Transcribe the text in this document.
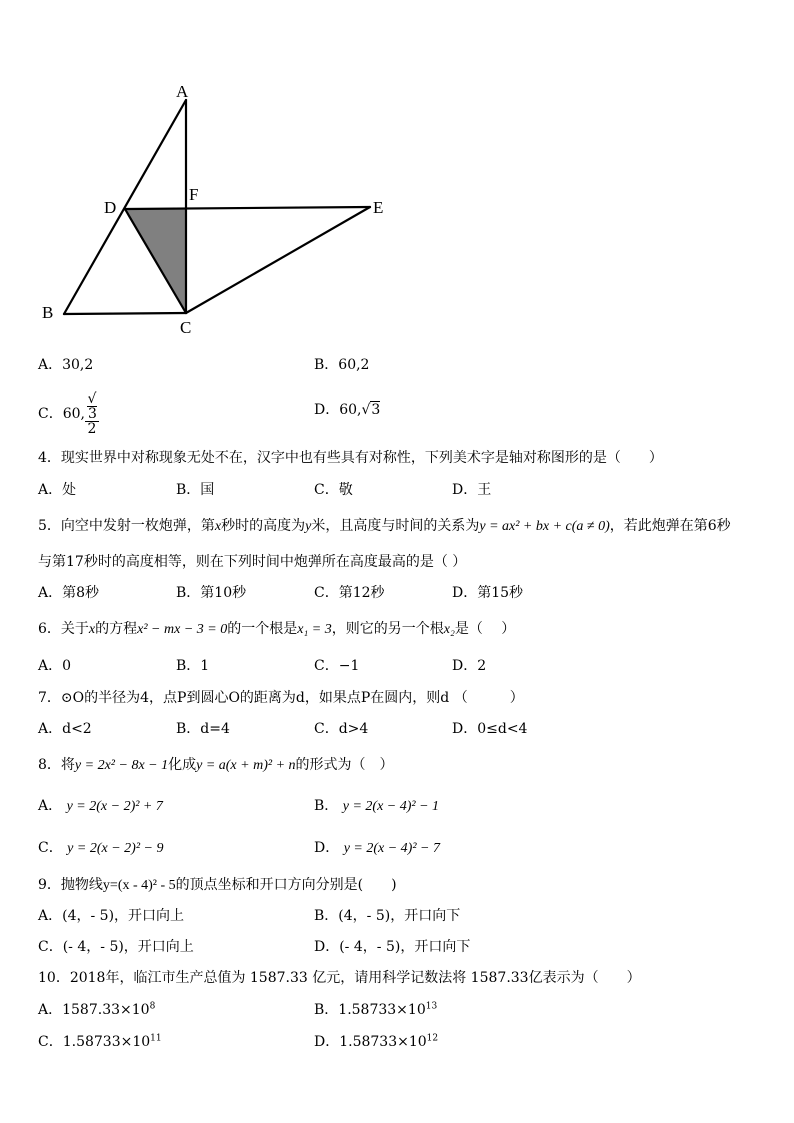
A
D
F
E
B
C
A．30,2	B．60,2
C．60, √
3
2	D．60,√3
4．现实世界中对称现象无处不在，汉字中也有些具有对称性，下列美术字是轴对称图形的是（　　）
A．处	B．国	C．敬	D．王
5．向空中发射一枚炮弹，第x秒时的高度为y米，且高度与时间的关系为y = ax² + bx + c(a ≠ 0)，若此炮弹在第6秒
与第17秒时的高度相等，则在下列时间中炮弹所在高度最高的是（ ）
A．第8秒	B．第10秒	C．第12秒	D．第15秒
6．关于x的方程x² − mx − 3 = 0的一个根是x₁ = 3，则它的另一个根x₂是（　 ）
A．0	B．1	C．−1	D．2
7．⊙O的半径为4，点P到圆心O的距离为d，如果点P在圆内，则d （　　　）
A．d<2	B．d=4	C．d>4	D．0≤d<4
8．将y = 2x² − 8x − 1化成y = a(x + m)² + n的形式为（　）
A． y = 2(x − 2)² + 7	B． y = 2(x − 4)² − 1
C． y = 2(x − 2)² − 9	D． y = 2(x − 4)² − 7
9．抛物线y=(x - 4)² - 5的顶点坐标和开口方向分别是(　　)
A．(4，- 5)，开口向上	B．(4，- 5)，开口向下
C．(- 4，- 5)，开口向上	D．(- 4，- 5)，开口向下
10．2018年，临江市生产总值为 1587.33 亿元，请用科学记数法将 1587.33亿表示为（　　）
A．$1587.33\times 10^8$	B．$1.58733\times 10^{13}$
C．$1.58733\times 10^{11}$	D．$1.58733\times 10^{12}$
